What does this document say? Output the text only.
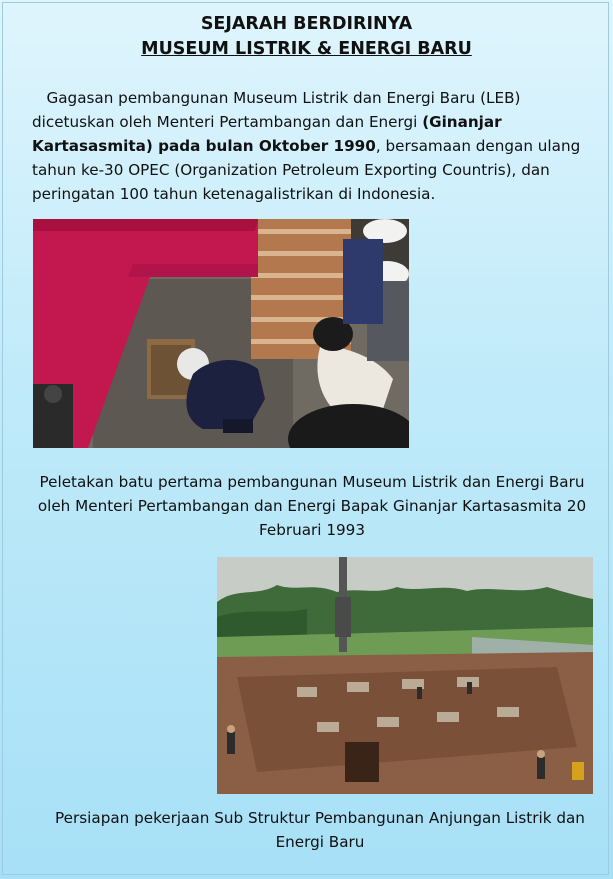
SEJARAH BERDIRINYA
MUSEUM LISTRIK & ENERGI BARU
Gagasan pembangunan Museum Listrik dan Energi Baru (LEB) dicetuskan oleh Menteri Pertambangan dan Energi (Ginanjar Kartasasmita) pada bulan Oktober 1990, bersamaan dengan ulang tahun ke-30 OPEC (Organization Petroleum Exporting Countris), dan peringatan 100 tahun ketenagalistrikan di Indonesia.
Peletakan batu pertama pembangunan Museum Listrik dan Energi Baru oleh Menteri Pertambangan dan Energi Bapak Ginanjar Kartasasmita 20 Februari 1993
Persiapan pekerjaan Sub Struktur Pembangunan Anjungan Listrik dan Energi Baru
